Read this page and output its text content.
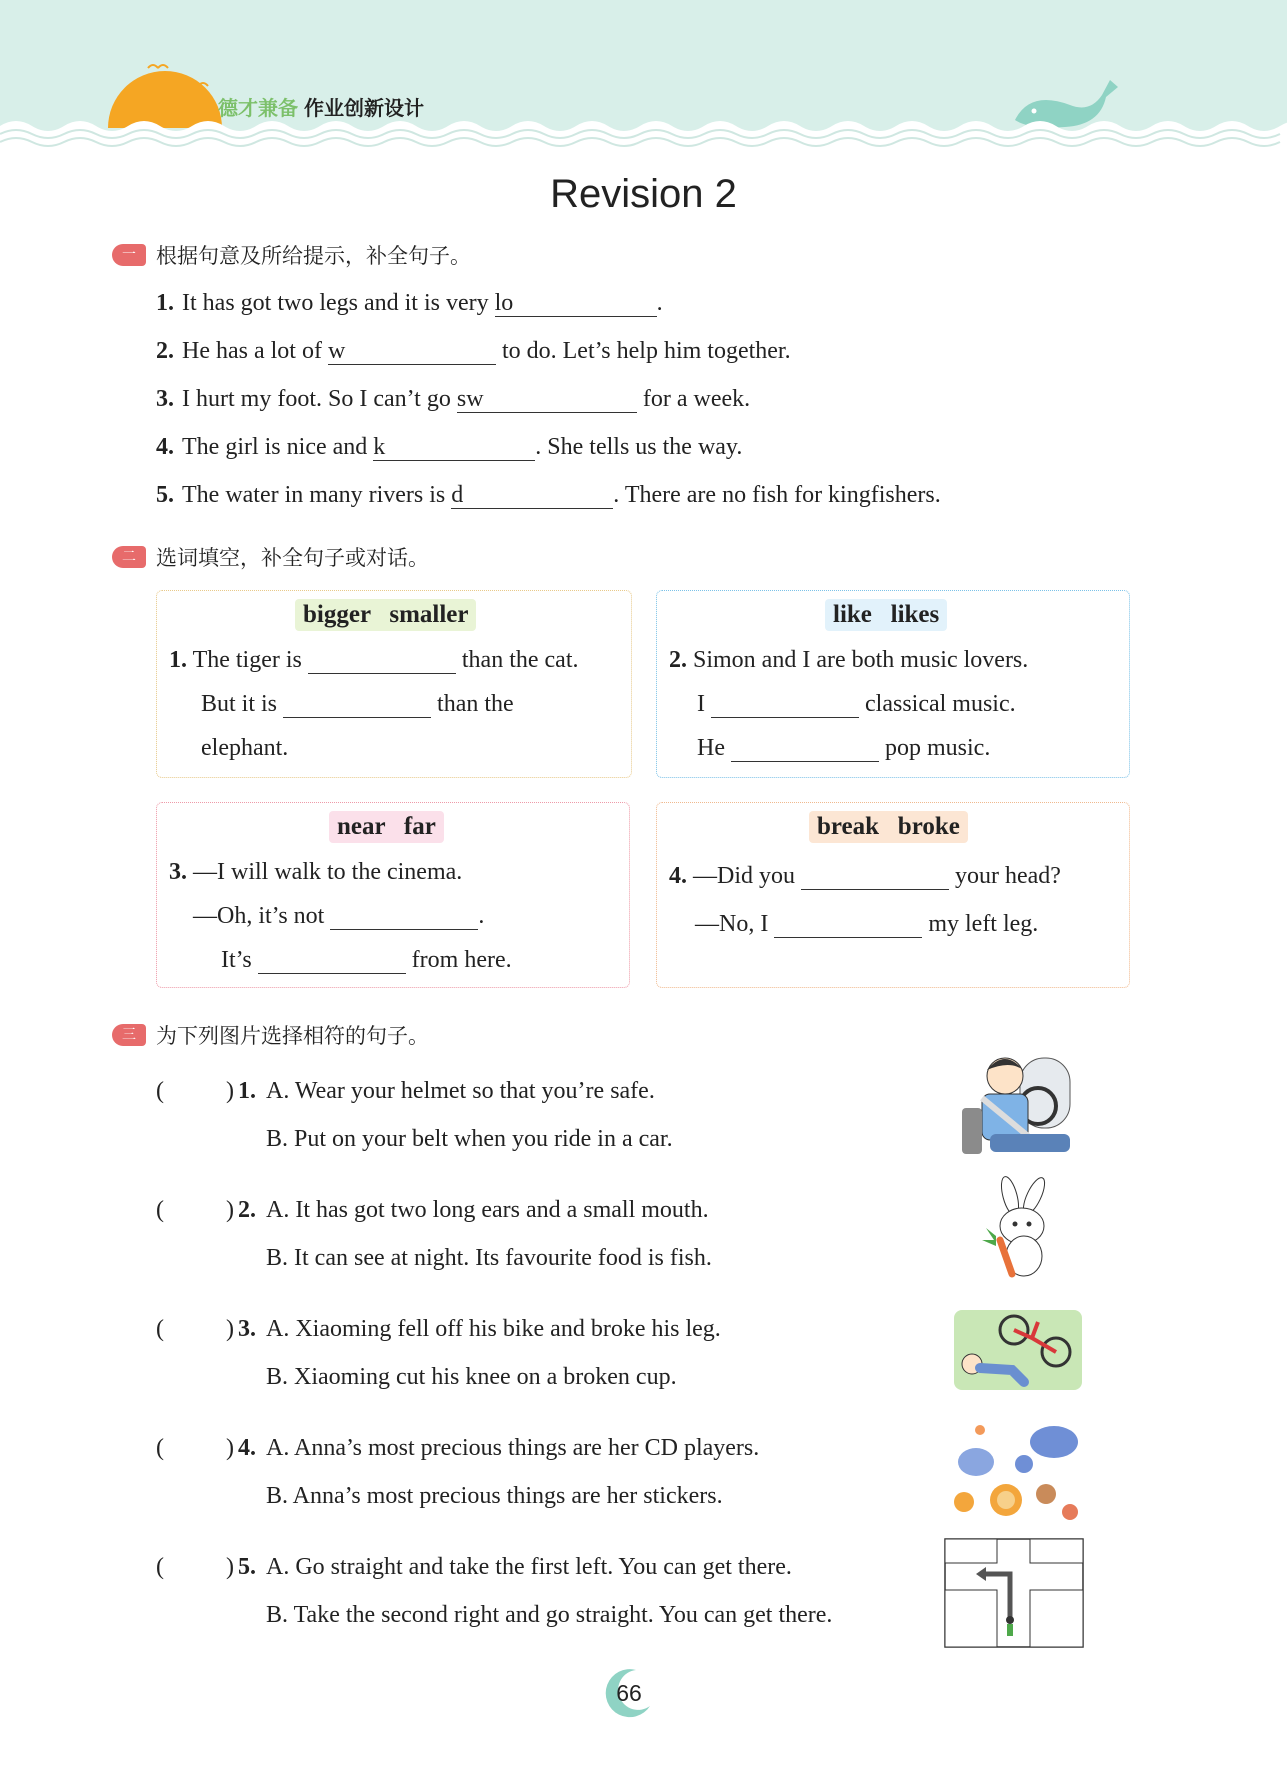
德才兼备 作业创新设计
Revision 2
一 根据句意及所给提示，补全句子。
1. It has got two legs and it is very lo	.
2. He has a lot of w	to do. Let’s help him together.
3. I hurt my foot. So I can’t go sw	for a week.
4. The girl is nice and k	. She tells us the way.
5. The water in many rivers is d	. There are no fish for kingfishers.
二 选词填空，补全句子或对话。
bigger   smaller
1. The tiger is	than the cat.
But it is	than the
elephant.
like   likes
2. Simon and I are both music lovers.
I	classical music.
He	pop music.
near   far
3. —I will walk to the cinema.
—Oh, it’s not	.
It’s	from here.
break   broke
4. —Did you	your head?
—No, I	my left leg.
三 为下列图片选择相符的句子。
(	) 1. A. Wear your helmet so that you’re safe.
B. Put on your belt when you ride in a car.
(	) 2. A. It has got two long ears and a small mouth.
B. It can see at night. Its favourite food is fish.
(	) 3. A. Xiaoming fell off his bike and broke his leg.
B. Xiaoming cut his knee on a broken cup.
(	) 4. A. Anna’s most precious things are her CD players.
B. Anna’s most precious things are her stickers.
(	) 5. A. Go straight and take the first left. You can get there.
B. Take the second right and go straight. You can get there.
66
